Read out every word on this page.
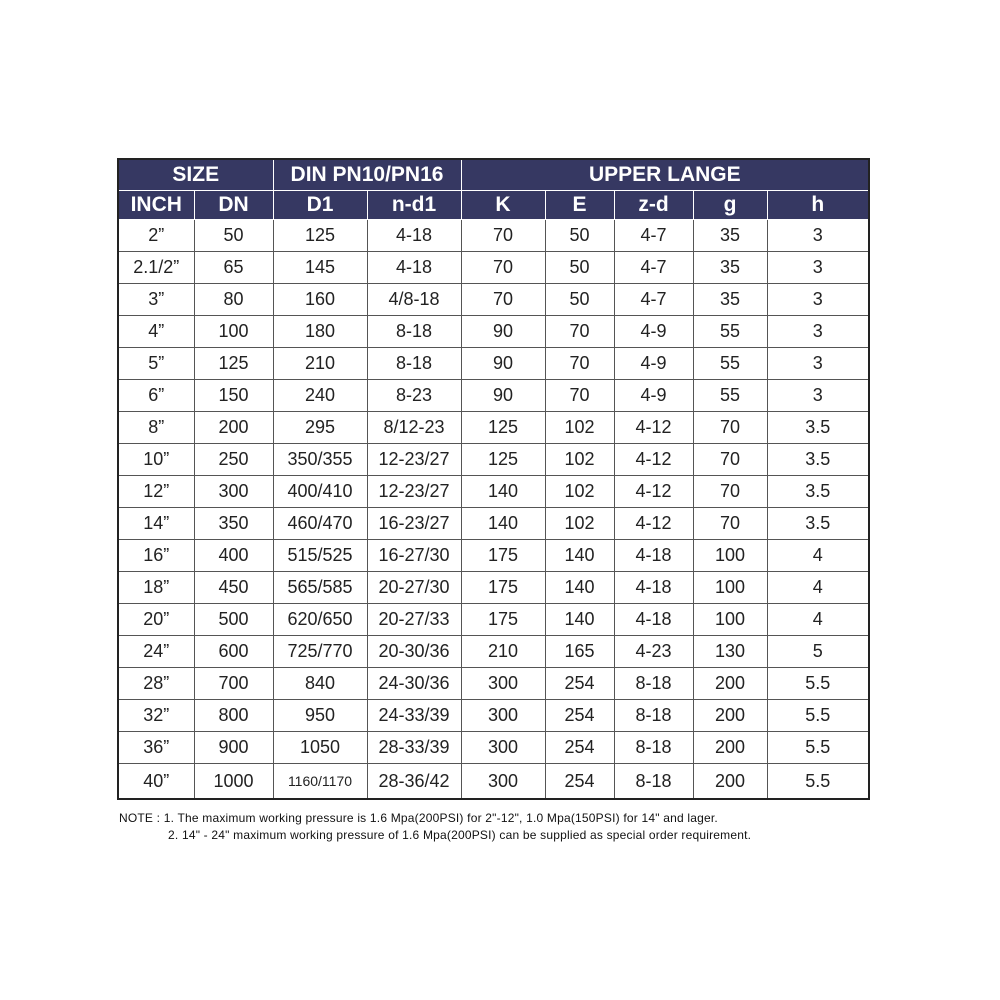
SIZE		DIN PN10/PN16		UPPER LANGE				
INCH	DN	D1	n-d1	K	E	z-d	g	h
2”	50	125	4-18	70	50	4-7	35	3
2.1/2”	65	145	4-18	70	50	4-7	35	3
3”	80	160	4/8-18	70	50	4-7	35	3
4”	100	180	8-18	90	70	4-9	55	3
5”	125	210	8-18	90	70	4-9	55	3
6”	150	240	8-23	90	70	4-9	55	3
8”	200	295	8/12-23	125	102	4-12	70	3.5
10”	250	350/355	12-23/27	125	102	4-12	70	3.5
12”	300	400/410	12-23/27	140	102	4-12	70	3.5
14”	350	460/470	16-23/27	140	102	4-12	70	3.5
16”	400	515/525	16-27/30	175	140	4-18	100	4
18”	450	565/585	20-27/30	175	140	4-18	100	4
20”	500	620/650	20-27/33	175	140	4-18	100	4
24”	600	725/770	20-30/36	210	165	4-23	130	5
28”	700	840	24-30/36	300	254	8-18	200	5.5
32”	800	950	24-33/39	300	254	8-18	200	5.5
36”	900	1050	28-33/39	300	254	8-18	200	5.5
40”	1000	1160/1170	28-36/42	300	254	8-18	200	5.5
NOTE : 1. The maximum working pressure is 1.6 Mpa(200PSI) for 2"-12", 1.0 Mpa(150PSI) for 14" and lager.
2. 14" - 24" maximum working pressure of 1.6 Mpa(200PSI) can be supplied as special order requirement.
